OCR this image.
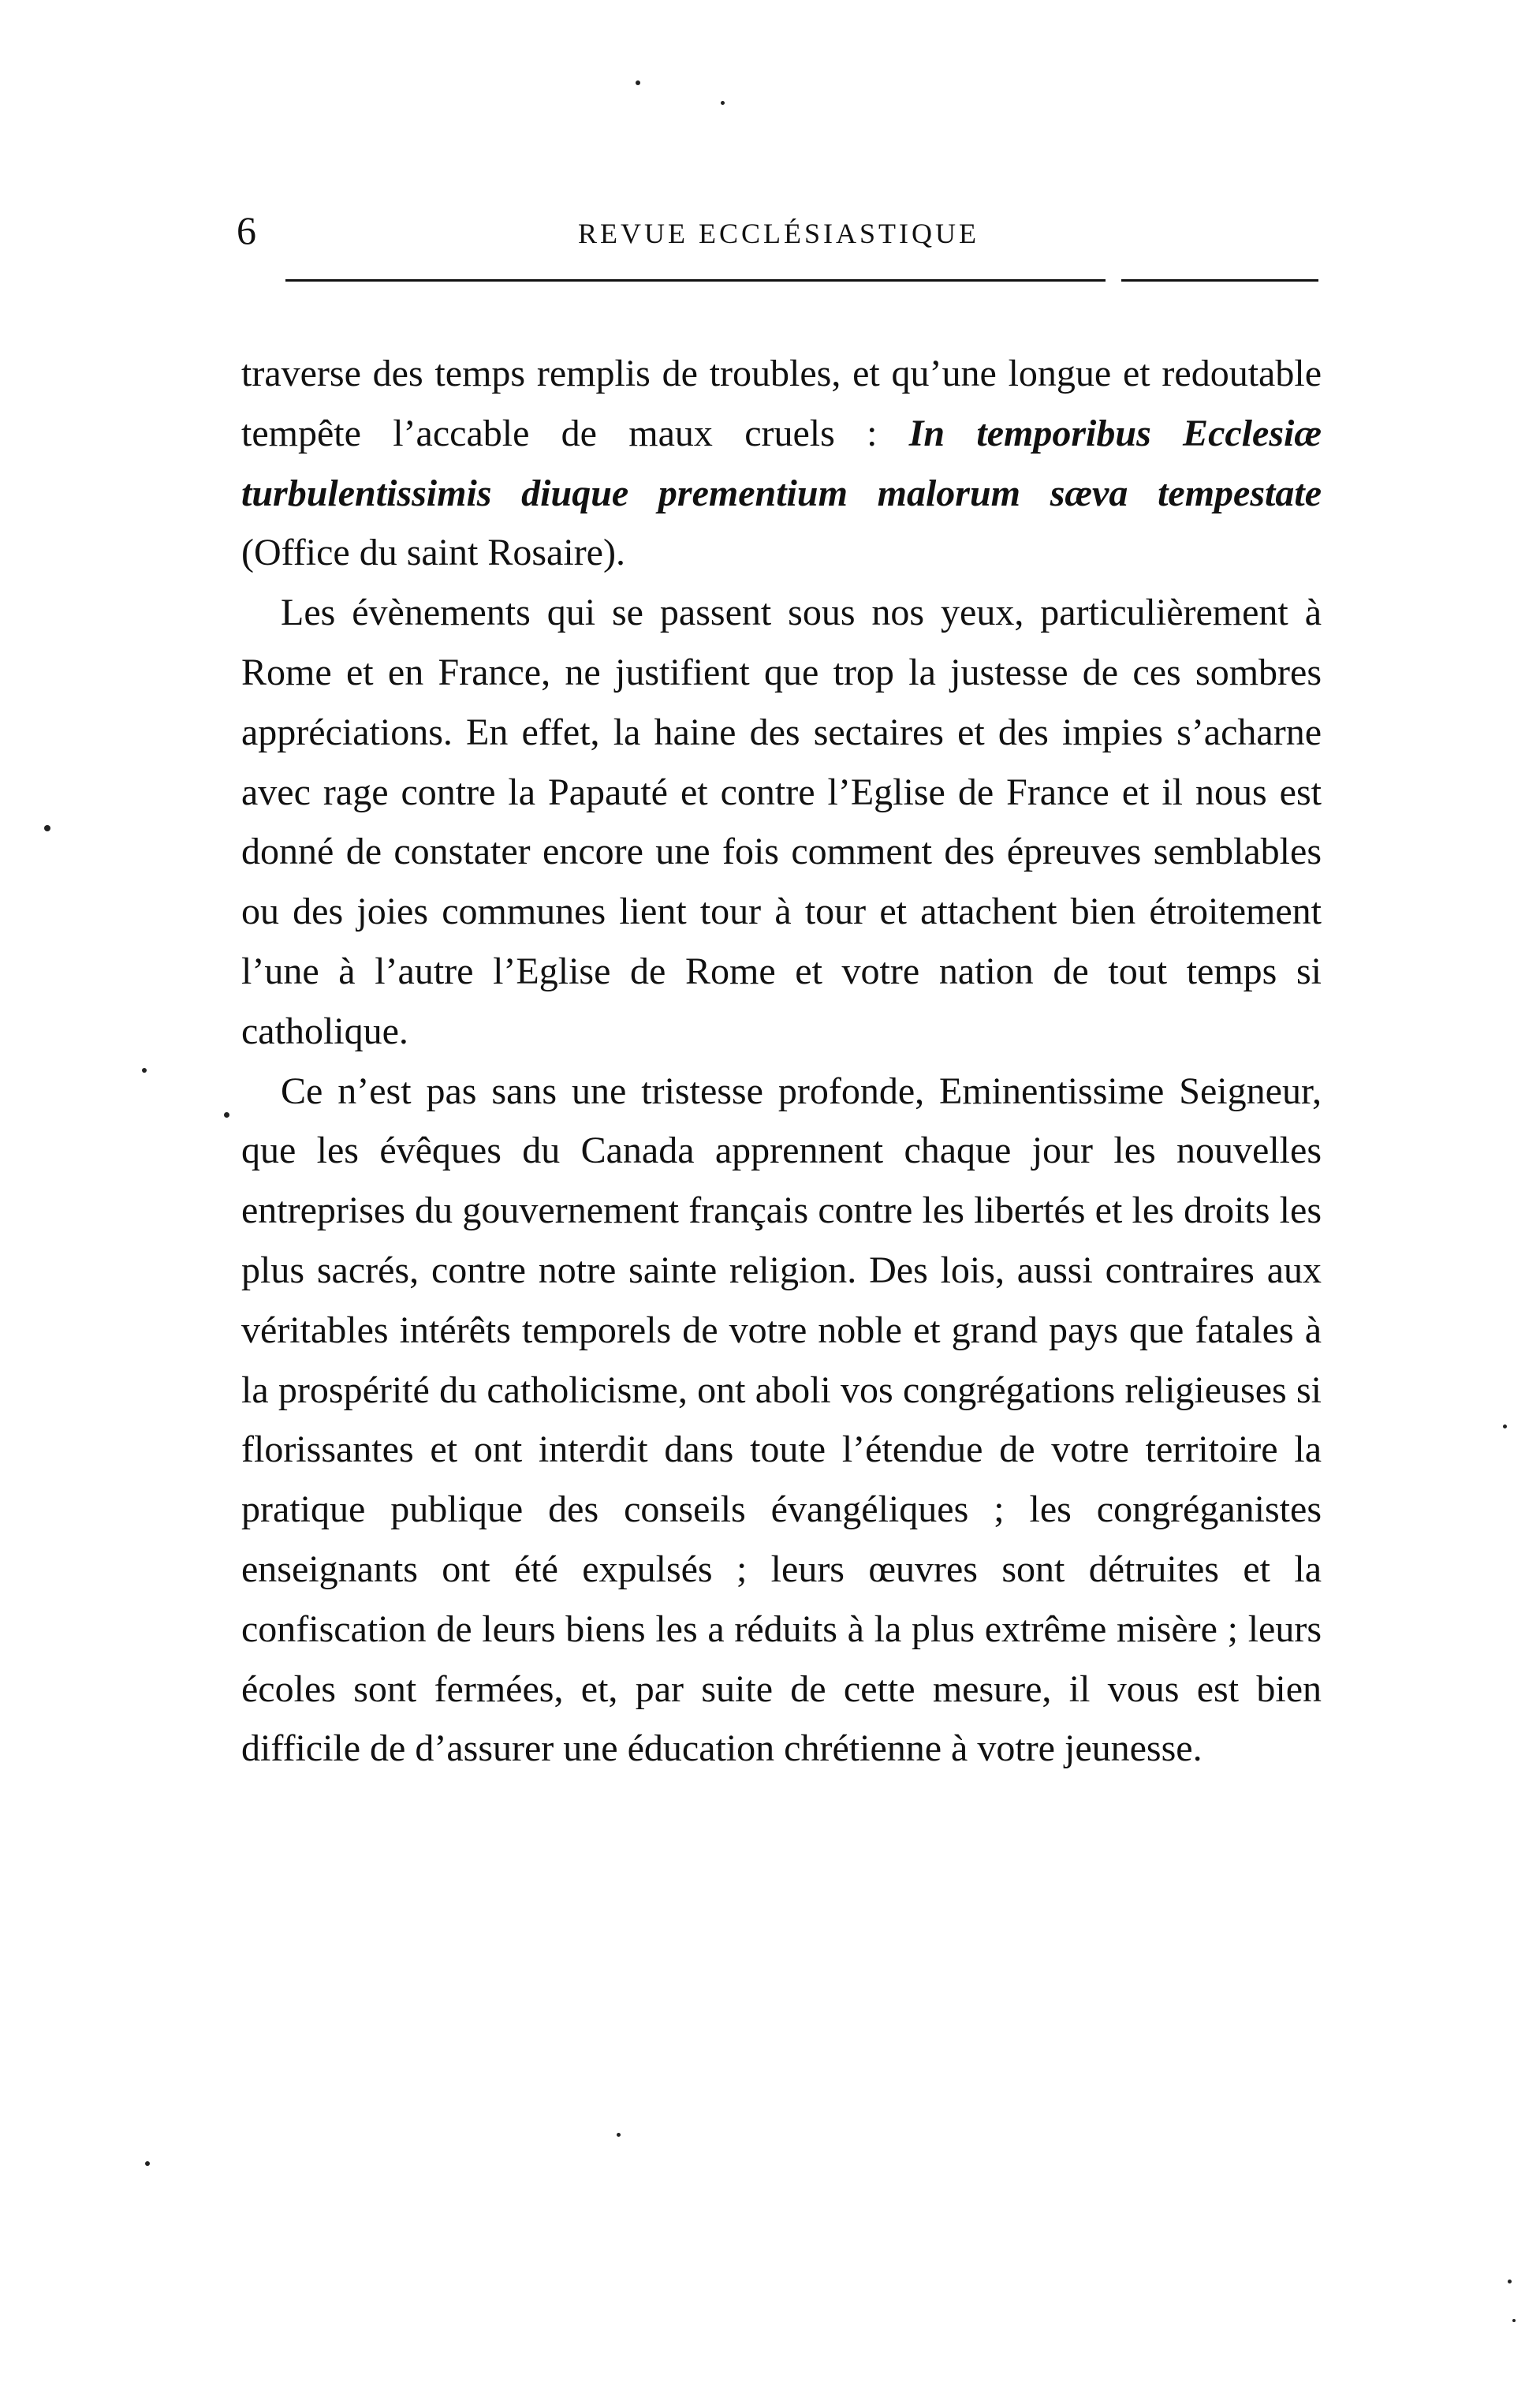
6	REVUE ECCLÉSIASTIQUE

traverse des temps remplis de troubles, et qu’une longue et redoutable tempête l’accable de maux cruels : In temporibus Ecclesiæ turbulentissimis diuque prementium malorum sæva tempestate (Office du saint Rosaire).

Les évènements qui se passent sous nos yeux, particulièrement à Rome et en France, ne justifient que trop la justesse de ces sombres appréciations. En effet, la haine des sectaires et des impies s’acharne avec rage contre la Papauté et contre l’Eglise de France et il nous est donné de constater encore une fois comment des épreuves semblables ou des joies communes lient tour à tour et attachent bien étroitement l’une à l’autre l’Eglise de Rome et votre nation de tout temps si catholique.

Ce n’est pas sans une tristesse profonde, Eminentissime Seigneur, que les évêques du Canada apprennent chaque jour les nouvelles entreprises du gouvernement français contre les libertés et les droits les plus sacrés, contre notre sainte religion. Des lois, aussi contraires aux véritables intérêts temporels de votre noble et grand pays que fatales à la prospérité du catholicisme, ont aboli vos congrégations religieuses si florissantes et ont interdit dans toute l’étendue de votre territoire la pratique publique des conseils évangéliques ; les congréganistes enseignants ont été expulsés ; leurs œuvres sont détruites et la confiscation de leurs biens les a réduits à la plus extrême misère ; leurs écoles sont fermées, et, par suite de cette mesure, il vous est bien difficile de d’assurer une éducation chrétienne à votre jeunesse.
